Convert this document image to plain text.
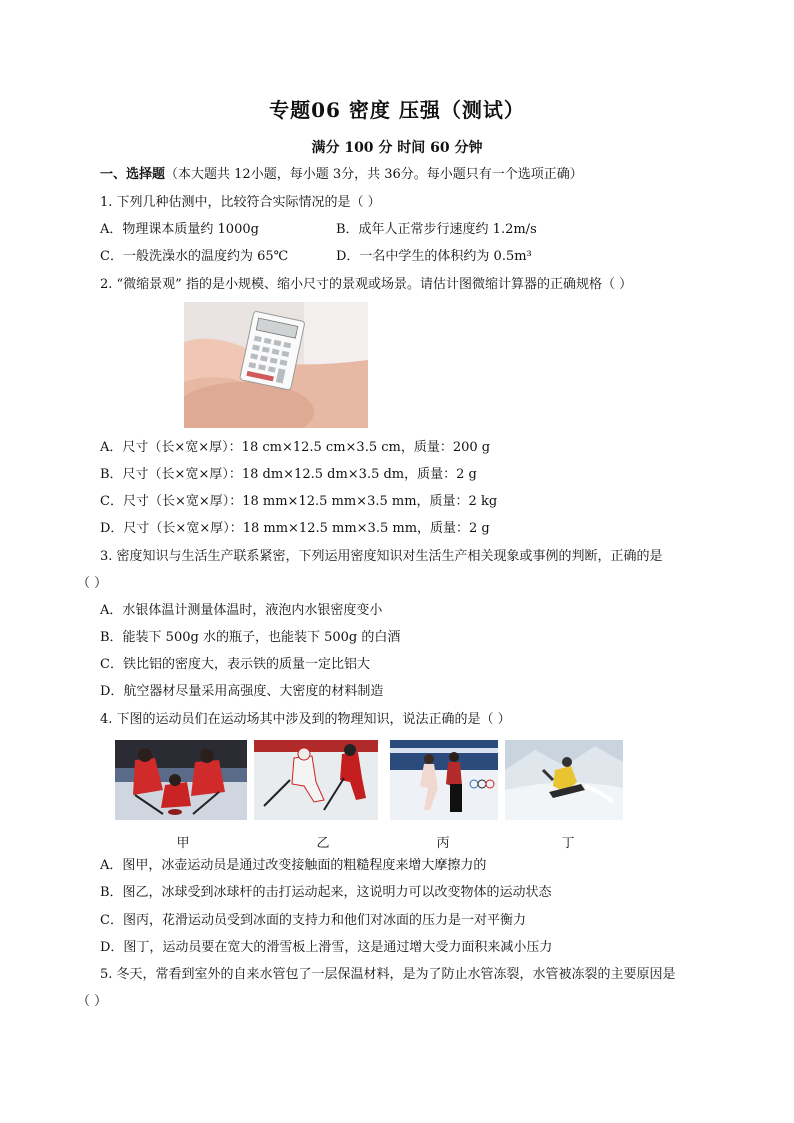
专题06 密度 压强（测试）
满分 100 分 时间 60 分钟
一、选择题（本大题共 12小题，每小题 3分，共 36分。每小题只有一个选项正确）
1. 下列几种估测中，比较符合实际情况的是（ ）
A．物理课本质量约 1000g	B．成年人正常步行速度约 1.2m/s
C．一般洗澡水的温度约为 65℃	D．一名中学生的体积约为 0.5m³
2. “微缩景观” 指的是小规模、缩小尺寸的景观或场景。请估计图微缩计算器的正确规格（ ）
A．尺寸（长×宽×厚）：18 cm×12.5 cm×3.5 cm，质量：200 g
B．尺寸（长×宽×厚）：18 dm×12.5 dm×3.5 dm，质量：2 g
C．尺寸（长×宽×厚）：18 mm×12.5 mm×3.5 mm，质量：2 kg
D．尺寸（长×宽×厚）：18 mm×12.5 mm×3.5 mm，质量：2 g
3. 密度知识与生活生产联系紧密，下列运用密度知识对生活生产相关现象或事例的判断，正确的是
（ ）
A．水银体温计测量体温时，液泡内水银密度变小
B．能装下 500g 水的瓶子，也能装下 500g 的白酒
C．铁比铝的密度大，表示铁的质量一定比铝大
D．航空器材尽量采用高强度、大密度的材料制造
4. 下图的运动员们在运动场其中涉及到的物理知识，说法正确的是（ ）
甲	乙	丙	丁
A．图甲，冰壶运动员是通过改变接触面的粗糙程度来增大摩擦力的
B．图乙，冰球受到冰球杆的击打运动起来，这说明力可以改变物体的运动状态
C．图丙，花滑运动员受到冰面的支持力和他们对冰面的压力是一对平衡力
D．图丁，运动员要在宽大的滑雪板上滑雪，这是通过增大受力面积来减小压力
5. 冬天，常看到室外的自来水管包了一层保温材料，是为了防止水管冻裂，水管被冻裂的主要原因是
（ ）
